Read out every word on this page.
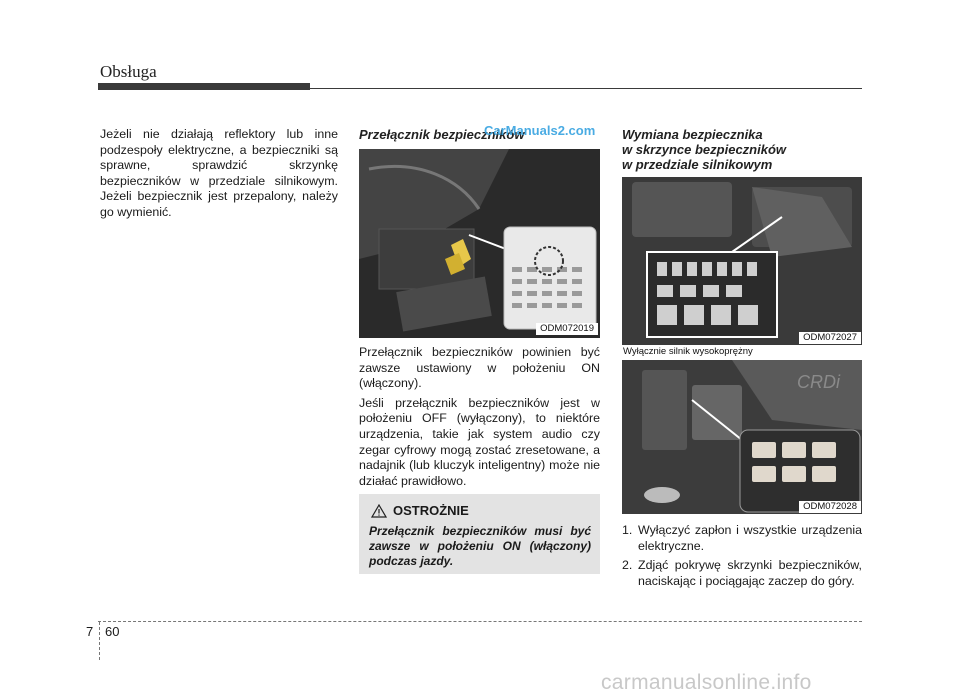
Obsługa

Jeżeli nie działają reflektory lub inne podzespoły elektryczne, a bezpieczniki są sprawne, sprawdzić skrzynkę bezpieczników w przedziale silnikowym. Jeżeli bezpiecznik jest przepalony, należy go wymienić.

Przełącznik bezpieczników
ODM072019

Przełącznik bezpieczników powinien być zawsze ustawiony w położeniu ON (włączony).

Jeśli przełącznik bezpieczników jest w położeniu OFF (wyłączony), to niektóre urządzenia, takie jak system audio czy zegar cyfrowy mogą zostać zresetowane, a nadajnik (lub kluczyk inteligentny) może nie działać prawidłowo.

OSTROŻNIE
Przełącznik bezpieczników musi być zawsze w położeniu ON (włączony) podczas jazdy.
Wymiana bezpiecznika
w skrzynce bezpieczników
w przedziale silnikowym
ODM072027
Wyłącznie silnik wysokoprężny
CRDi
ODM072028
1. Wyłączyć zapłon i wszystkie urządzenia elektryczne.
2. Zdjąć pokrywę skrzynki bezpieczników, naciskając i pociągając zaczep do góry.
7 60
CarManuals2.com
carmanualsonline.info
